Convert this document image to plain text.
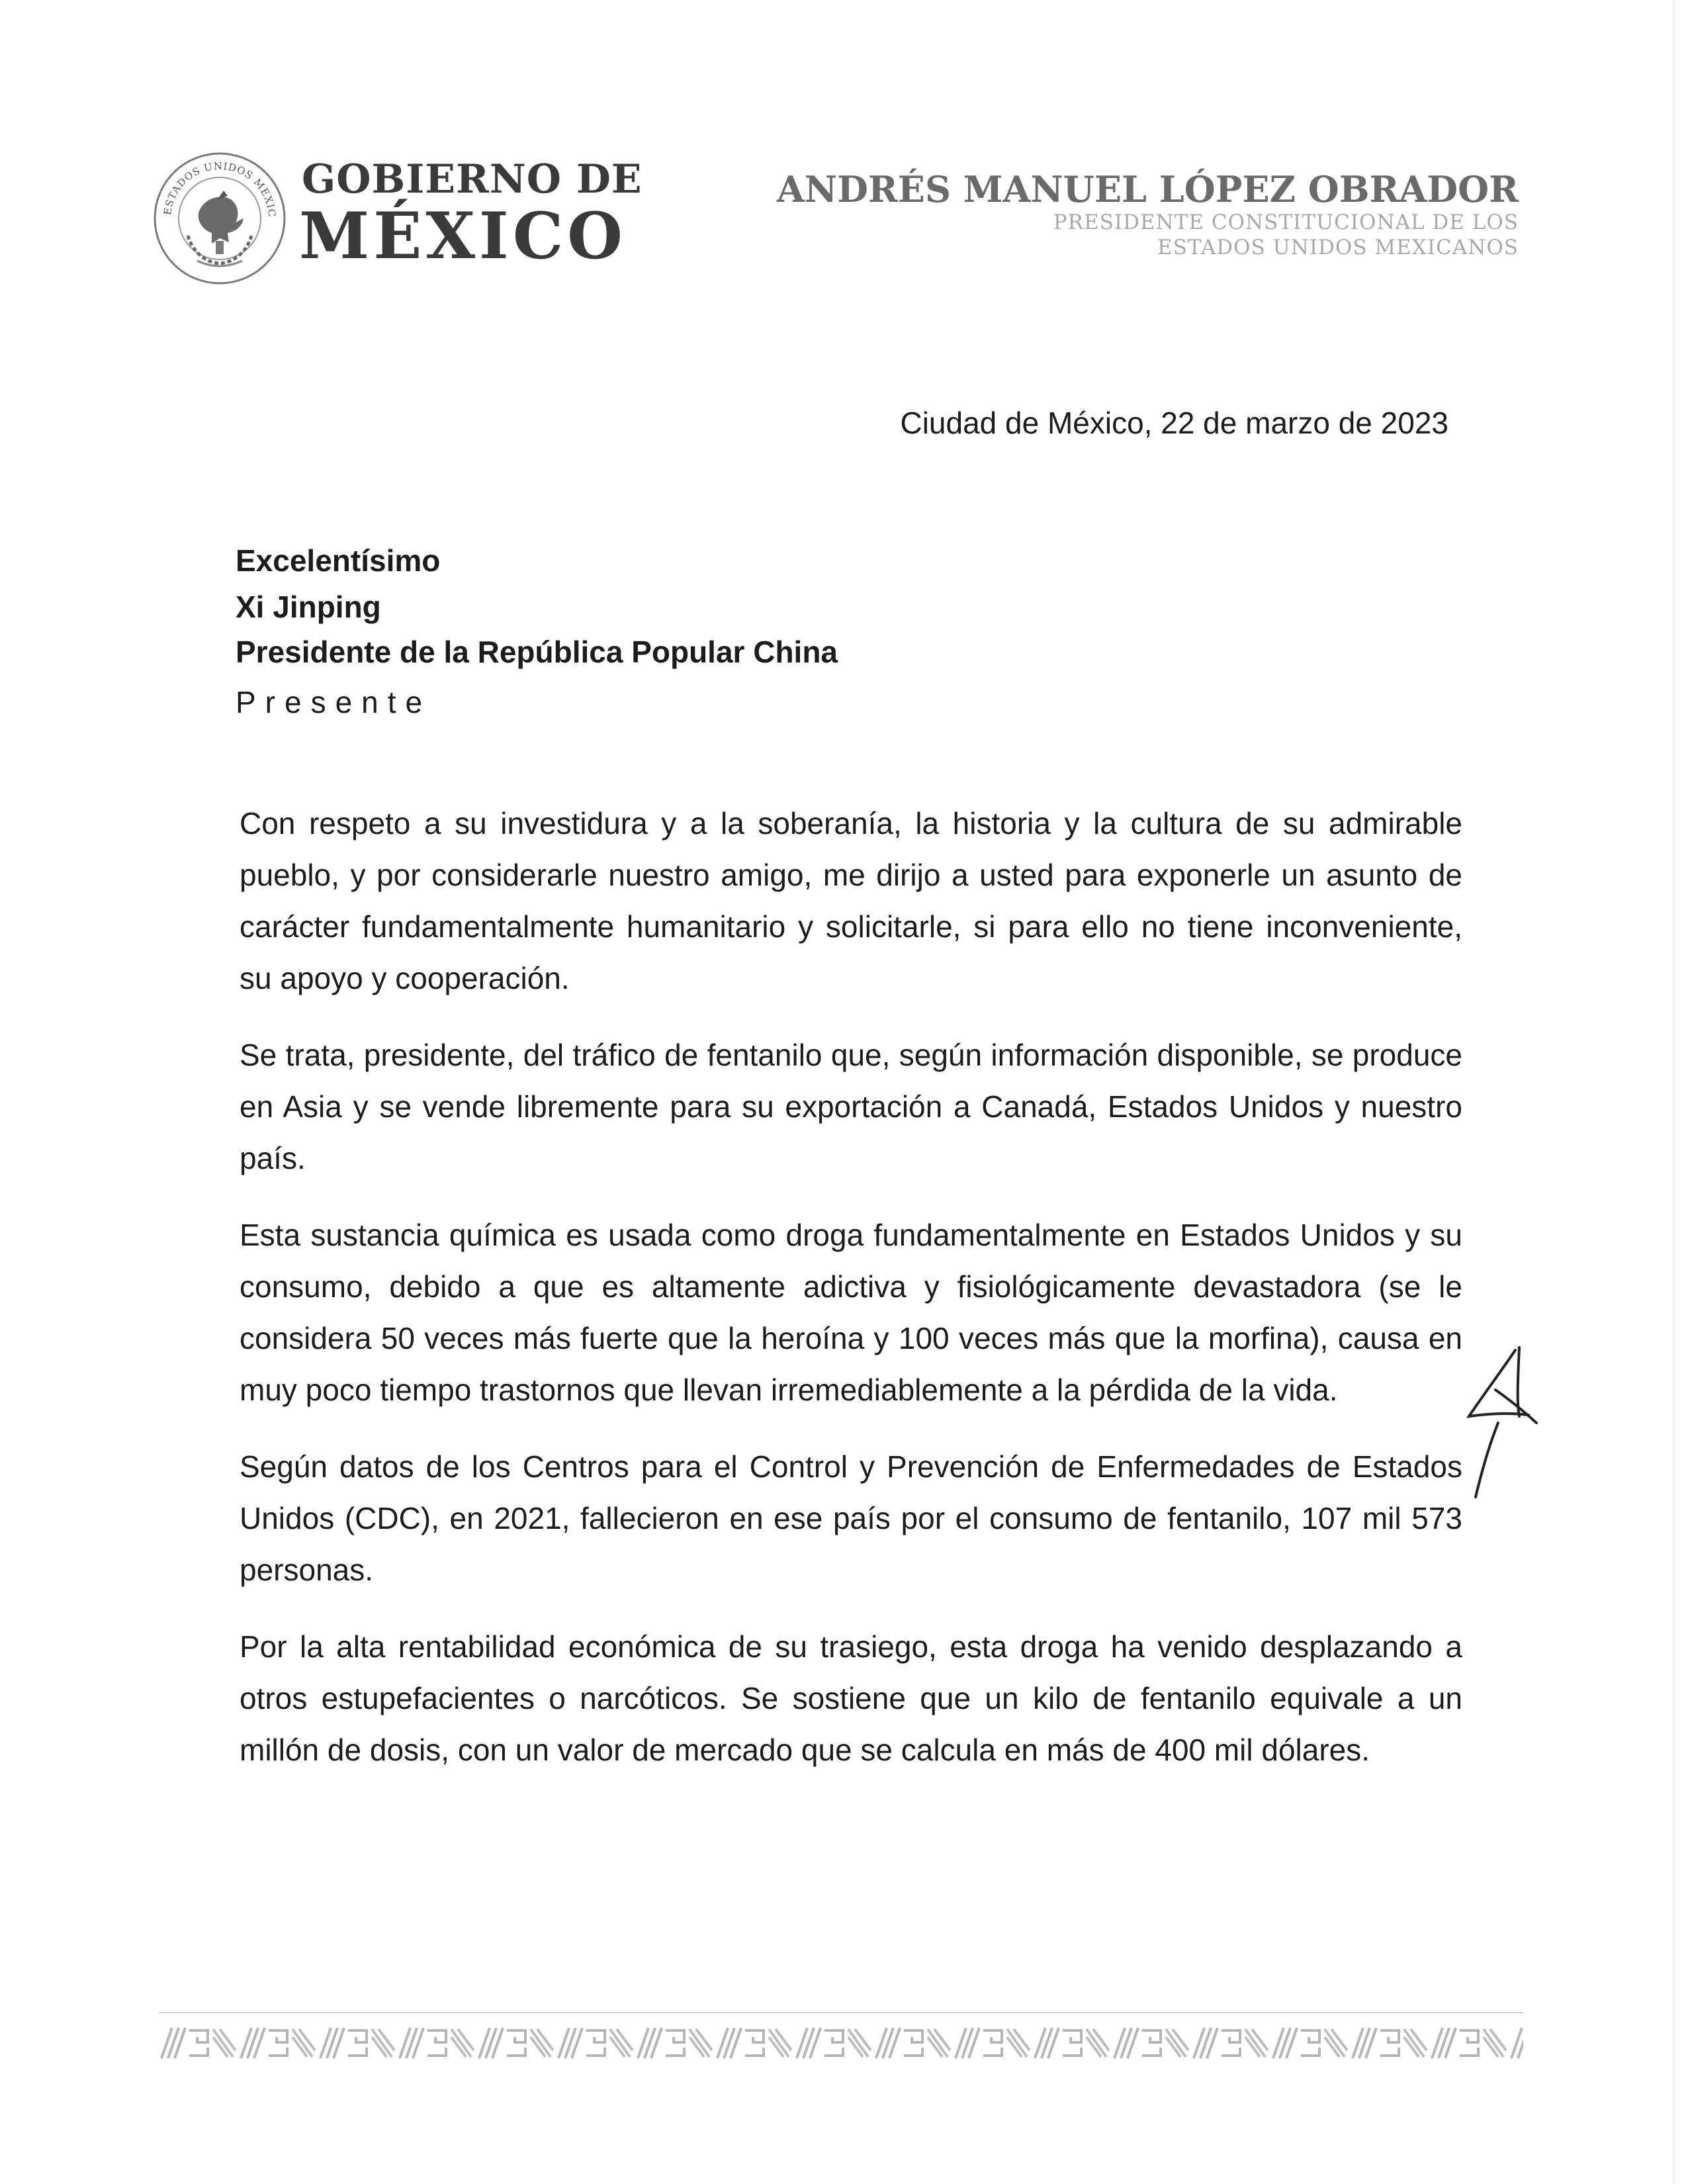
ESTADOS UNIDOS MEXIC
GOBIERNO DE
MÉXICO
ANDRÉS MANUEL LÓPEZ OBRADOR
PRESIDENTE CONSTITUCIONAL DE LOS
ESTADOS UNIDOS MEXICANOS
Ciudad de México, 22 de marzo de 2023
Excelentísimo
Xi Jinping
Presidente de la República Popular China
Presente

Con respeto a su investidura y a la soberanía, la historia y la cultura de su admirable pueblo, y por considerarle nuestro amigo, me dirijo a usted para exponerle un asunto de carácter fundamentalmente humanitario y solicitarle, si para ello no tiene inconveniente, su apoyo y cooperación.

Se trata, presidente, del tráfico de fentanilo que, según información disponible, se produce en Asia y se vende libremente para su exportación a Canadá, Estados Unidos y nuestro país.

Esta sustancia química es usada como droga fundamentalmente en Estados Unidos y su consumo, debido a que es altamente adictiva y fisiológicamente devastadora (se le considera 50 veces más fuerte que la heroína y 100 veces más que la morfina), causa en muy poco tiempo trastornos que llevan irremediablemente a la pérdida de la vida.

Según datos de los Centros para el Control y Prevención de Enfermedades de Estados Unidos (CDC), en 2021, fallecieron en ese país por el consumo de fentanilo, 107 mil 573 personas.

Por la alta rentabilidad económica de su trasiego, esta droga ha venido desplazando a otros estupefacientes o narcóticos. Se sostiene que un kilo de fentanilo equivale a un millón de dosis, con un valor de mercado que se calcula en más de 400 mil dólares.
